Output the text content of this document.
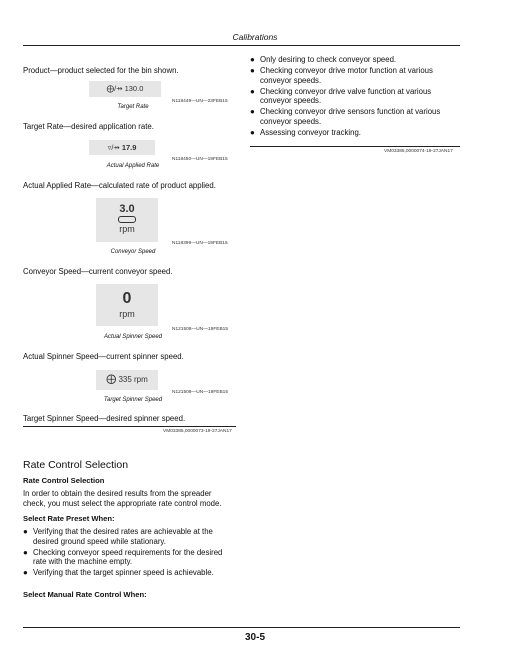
Calibrations
Product—product selected for the bin shown.
⨁/⇸ 130.0
N118449—UN—23FEB15
Target Rate
Target Rate—desired application rate.
▿/⇸ 17.9
N118450—UN—19FEB15
Actual Applied Rate
Actual Applied Rate—calculated rate of product applied.
3.0
rpm
N118399—UN—19FEB15
Conveyor Speed
Conveyor Speed—current conveyor speed.
0
rpm
N121508—UN—19FEB15
Actual Spinner Speed
Actual Spinner Speed—current spinner speed.
⨁ 335 rpm
N121509—UN—19FEB15
Target Spinner Speed
Target Spinner Speed—desired spinner speed.
VM03385,0000073-19-27JAN17
Rate Control Selection
Rate Control Selection
In order to obtain the desired results from the spreader check, you must select the appropriate rate control mode.
Select Rate Preset When:
● Verifying that the desired rates are achievable at the desired ground speed while stationary.
● Checking conveyor speed requirements for the desired rate with the machine empty.
● Verifying that the target spinner speed is achievable.
Select Manual Rate Control When:
● Only desiring to check conveyor speed.
● Checking conveyor drive motor function at various conveyor speeds.
● Checking conveyor drive valve function at various conveyor speeds.
● Checking conveyor drive sensors function at various conveyor speeds.
● Assessing conveyor tracking.
VM03385,0000074-19-27JAN17
30-5
